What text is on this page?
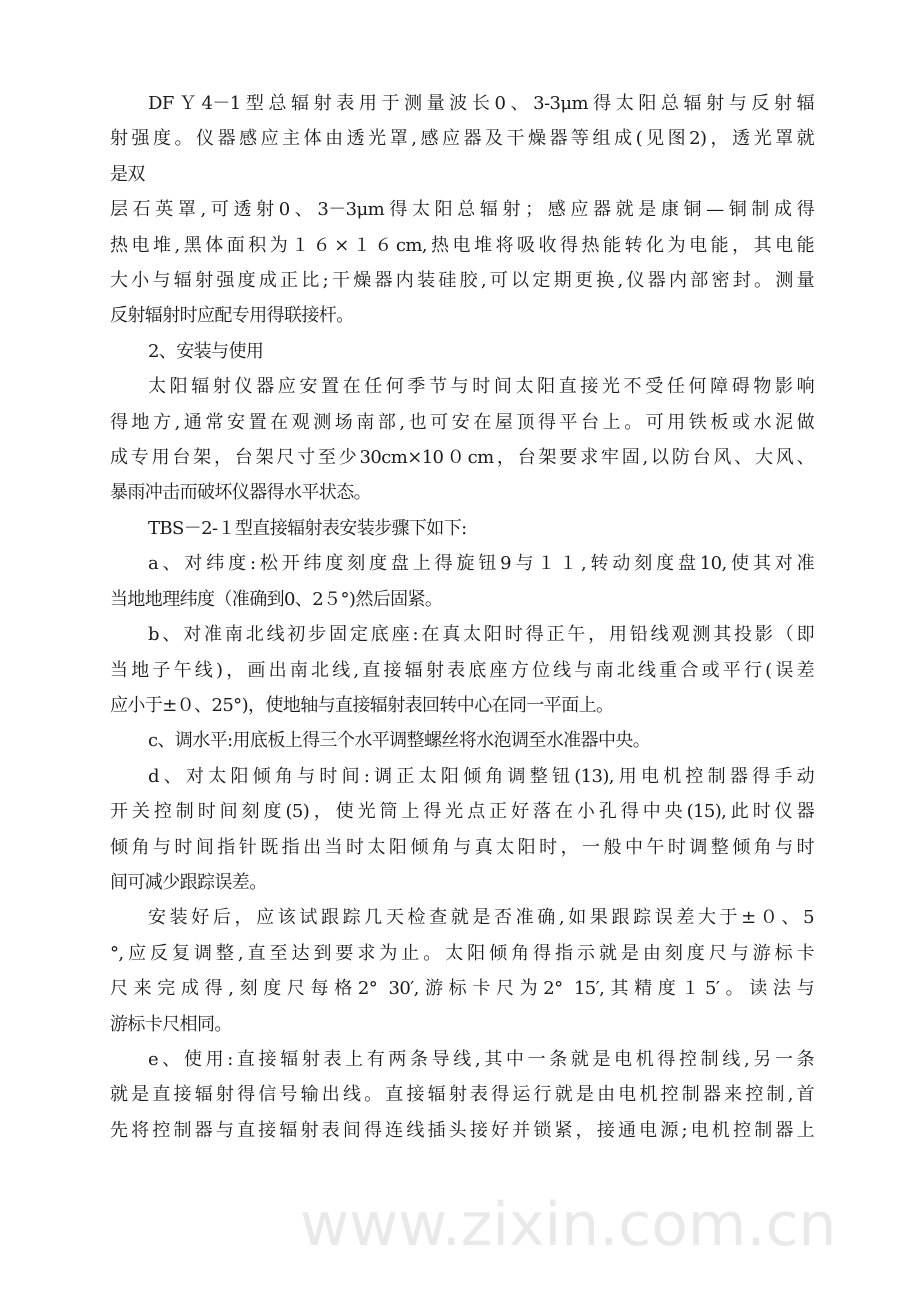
www.zixin.com.cn
DFＹ4－1型总辐射表用于测量波长0、3-3μm得太阳总辐射与反射辐
射强度。仪器感应主体由透光罩,感应器及干燥器等组成(见图2)，透光罩就
是双
层石英罩,可透射0、3－3μm得太阳总辐射；感应器就是康铜—铜制成得
热电堆,黑体面积为１６×１６cm,热电堆将吸收得热能转化为电能，其电能
大小与辐射强度成正比;干燥器内装硅胶,可以定期更换,仪器内部密封。测量
反射辐射时应配专用得联接杆。
2、安装与使用
太阳辐射仪器应安置在任何季节与时间太阳直接光不受任何障碍物影响
得地方,通常安置在观测场南部,也可安在屋顶得平台上。可用铁板或水泥做
成专用台架，台架尺寸至少30cm×10０cm，台架要求牢固,以防台风、大风、
暴雨冲击而破坏仪器得水平状态。
TBS－2-１型直接辐射表安装步骤下如下:
a、对纬度:松开纬度刻度盘上得旋钮9与１１,转动刻度盘10,使其对准
当地地理纬度（准确到0、2５°)然后固紧。
b、对准南北线初步固定底座:在真太阳时得正午，用铅线观测其投影（即
当地子午线)，画出南北线,直接辐射表底座方位线与南北线重合或平行(误差
应小于±０、25°)，使地轴与直接辐射表回转中心在同一平面上。
c、调水平:用底板上得三个水平调整螺丝将水泡调至水准器中央。
d、对太阳倾角与时间:调正太阳倾角调整钮(13),用电机控制器得手动
开关控制时间刻度(5)，使光筒上得光点正好落在小孔得中央(15),此时仪器
倾角与时间指针既指出当时太阳倾角与真太阳时，一般中午时调整倾角与时
间可减少跟踪误差。
安装好后，应该试跟踪几天检查就是否准确,如果跟踪误差大于±０、5
°,应反复调整,直至达到要求为止。太阳倾角得指示就是由刻度尺与游标卡
尺来完成得,刻度尺每格2° 30′,游标卡尺为2° 15′,其精度１5′。读法与
游标卡尺相同。
e、使用:直接辐射表上有两条导线,其中一条就是电机得控制线,另一条
就是直接辐射得信号输出线。直接辐射表得运行就是由电机控制器来控制,首
先将控制器与直接辐射表间得连线插头接好并锁紧，接通电源;电机控制器上
